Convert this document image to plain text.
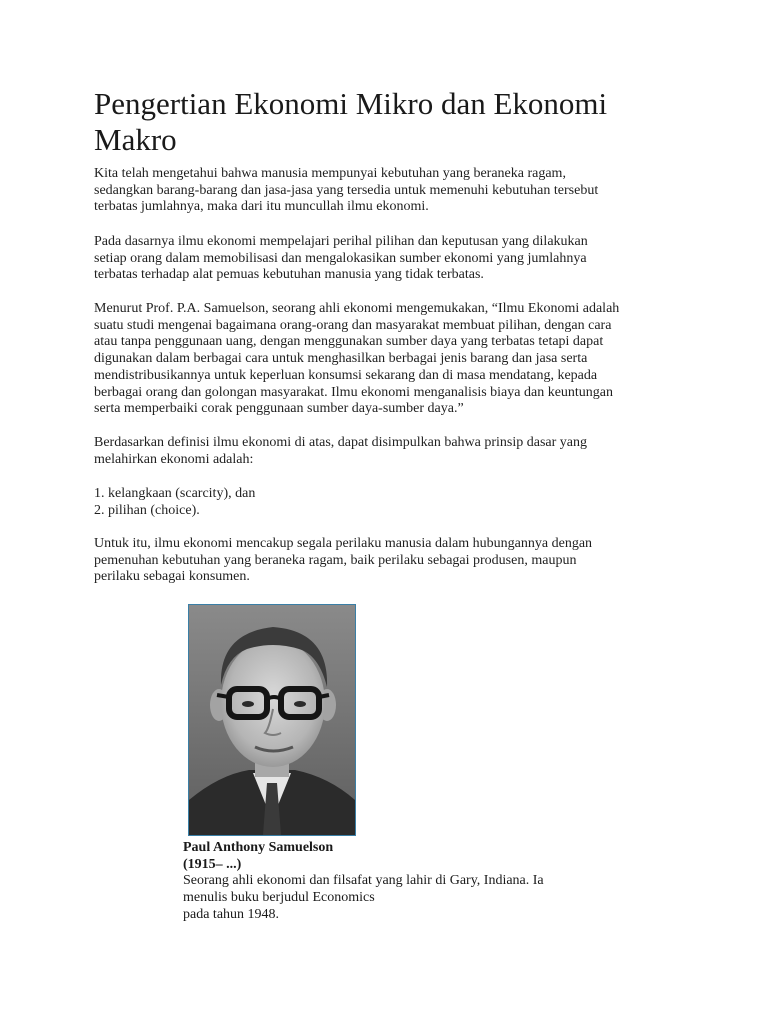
Pengertian Ekonomi Mikro dan Ekonomi
Makro

Kita telah mengetahui bahwa manusia mempunyai kebutuhan yang beraneka ragam,
sedangkan barang-barang dan jasa-jasa yang tersedia untuk memenuhi kebutuhan tersebut
terbatas jumlahnya, maka dari itu muncullah ilmu ekonomi.

Pada dasarnya ilmu ekonomi mempelajari perihal pilihan dan keputusan yang dilakukan
setiap orang dalam memobilisasi dan mengalokasikan sumber ekonomi yang jumlahnya
terbatas terhadap alat pemuas kebutuhan manusia yang tidak terbatas.

Menurut Prof. P.A. Samuelson, seorang ahli ekonomi mengemukakan, “Ilmu Ekonomi adalah
suatu studi mengenai bagaimana orang-orang dan masyarakat membuat pilihan, dengan cara
atau tanpa penggunaan uang, dengan menggunakan sumber daya yang terbatas tetapi dapat
digunakan dalam berbagai cara untuk menghasilkan berbagai jenis barang dan jasa serta
mendistribusikannya untuk keperluan konsumsi sekarang dan di masa mendatang, kepada
berbagai orang dan golongan masyarakat. Ilmu ekonomi menganalisis biaya dan keuntungan
serta memperbaiki corak penggunaan sumber daya-sumber daya.”

Berdasarkan definisi ilmu ekonomi di atas, dapat disimpulkan bahwa prinsip dasar yang
melahirkan ekonomi adalah:

1. kelangkaan (scarcity), dan
2. pilihan (choice).

Untuk itu, ilmu ekonomi mencakup segala perilaku manusia dalam hubungannya dengan
pemenuhan kebutuhan yang beraneka ragam, baik perilaku sebagai produsen, maupun
perilaku sebagai konsumen.

Paul Anthony Samuelson
(1915– ...)
Seorang ahli ekonomi dan filsafat yang lahir di Gary, Indiana. Ia
menulis buku berjudul Economics
pada tahun 1948.
